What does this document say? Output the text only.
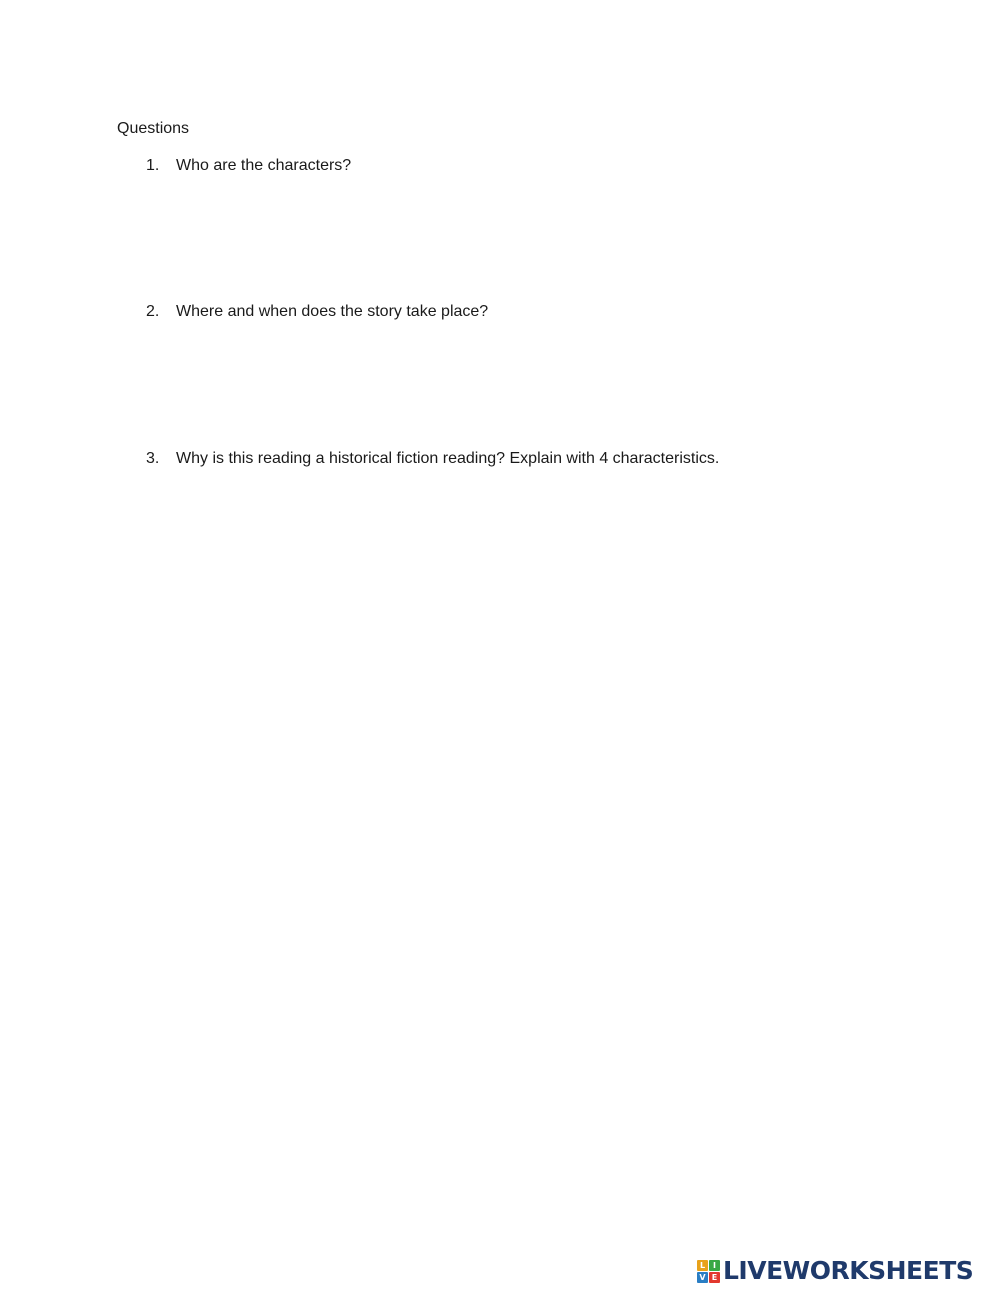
Questions
1. Who are the characters?
2. Where and when does the story take place?
3. Why is this reading a historical fiction reading? Explain with 4 characteristics.
L I
V E LIVEWORKSHEETS
